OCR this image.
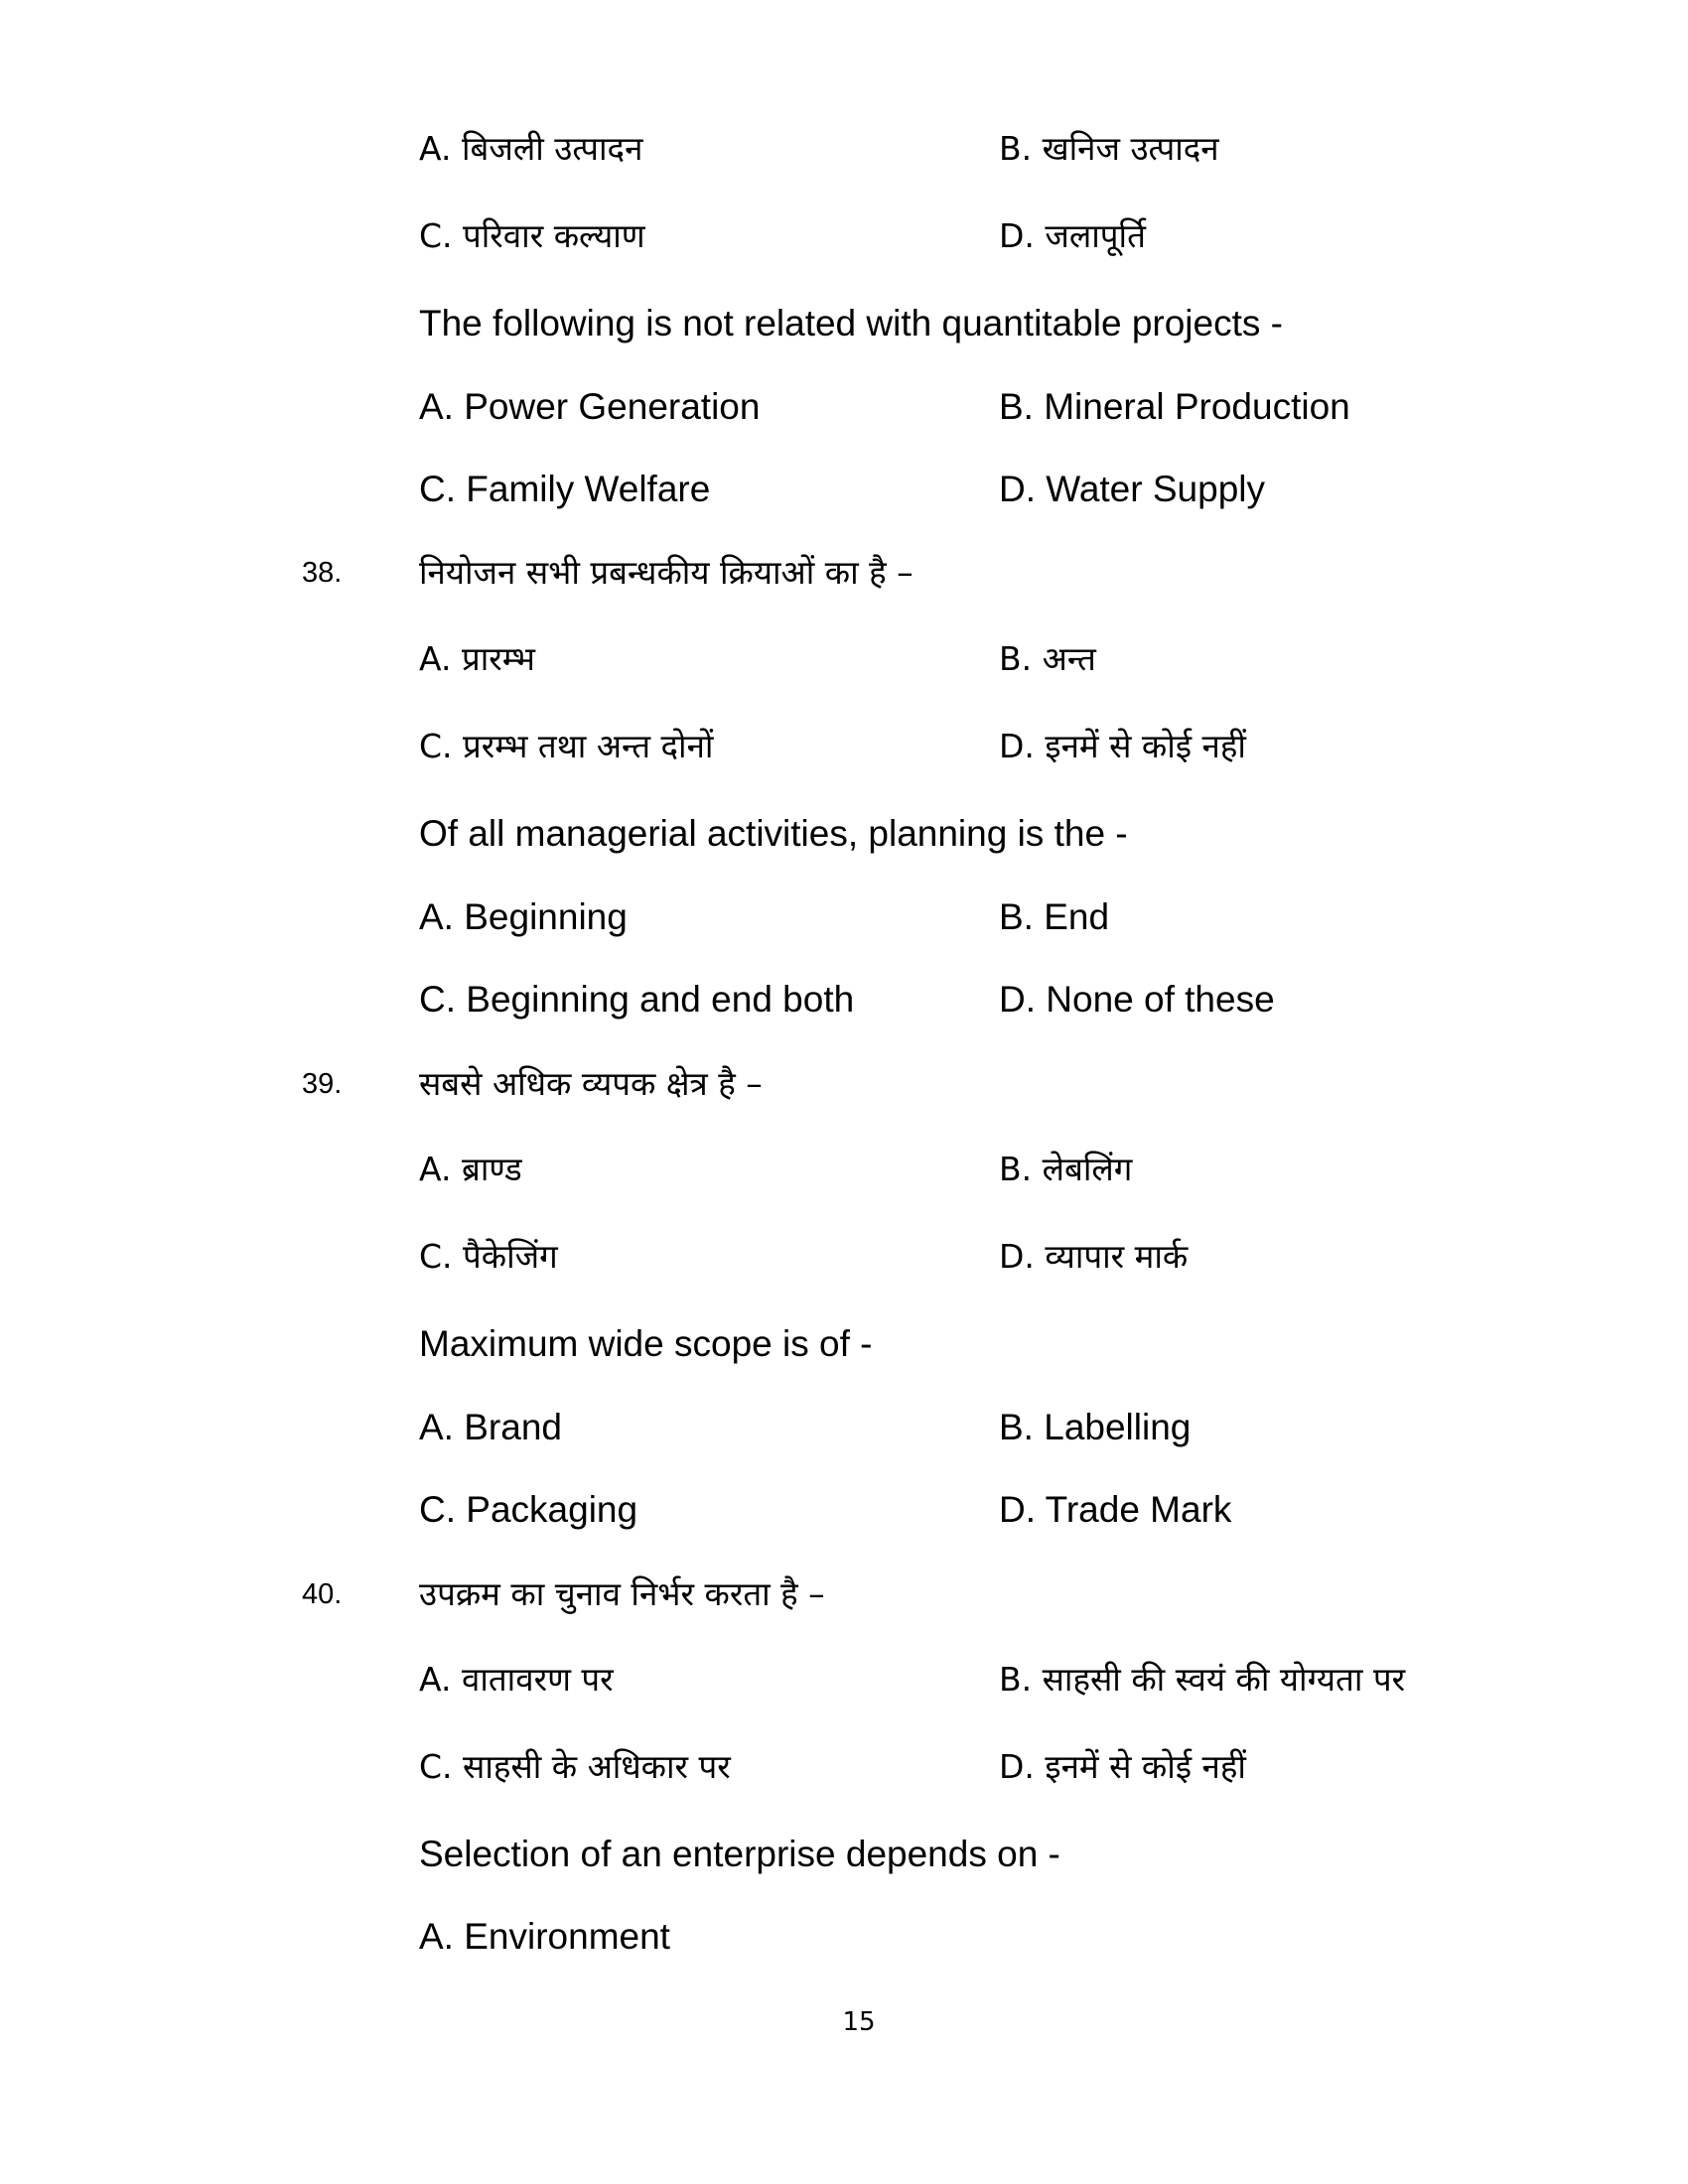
A. बिजली उत्पादन	B. खनिज उत्पादन
C. परिवार कल्याण	D. जलापूर्ति
The following is not related with quantitable projects -
A. Power Generation	B. Mineral Production
C. Family Welfare	D. Water Supply
38. नियोजन सभी प्रबन्धकीय क्रियाओं का है –
A. प्रारम्भ	B. अन्त
C. प्ररम्भ तथा अन्त दोनों	D. इनमें से कोई नहीं
Of all managerial activities, planning is the -
A. Beginning	B. End
C. Beginning and end both	D. None of these
39. सबसे अधिक व्यपक क्षेत्र है –
A. ब्राण्ड	B. लेबलिंग
C. पैकेजिंग	D. व्यापार मार्क
Maximum wide scope is of -
A. Brand	B. Labelling
C. Packaging	D. Trade Mark
40. उपक्रम का चुनाव निर्भर करता है –
A. वातावरण पर	B. साहसी की स्वयं की योग्यता पर
C. साहसी के अधिकार पर	D. इनमें से कोई नहीं
Selection of an enterprise depends on -
A. Environment
15
